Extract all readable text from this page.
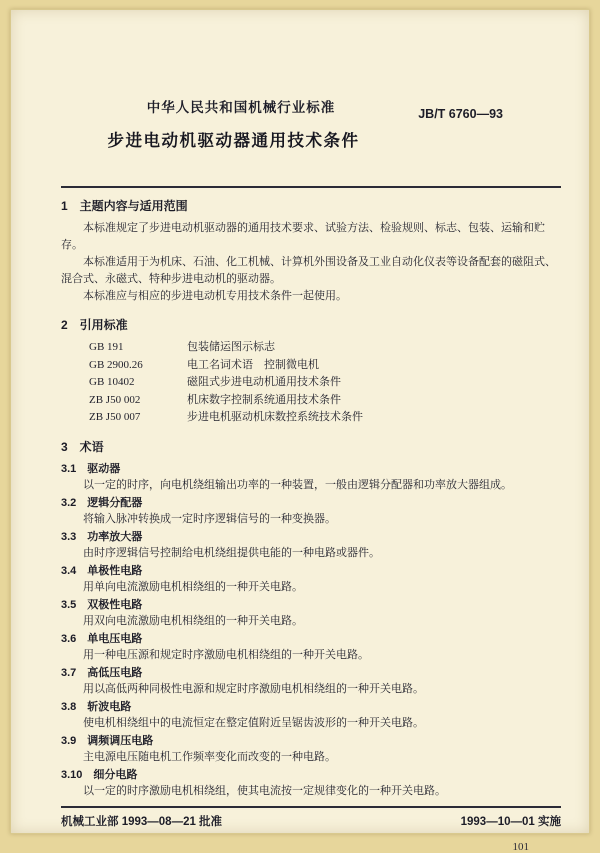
中华人民共和国机械行业标准	JB/T 6760—93
步进电动机驱动器通用技术条件
1　主题内容与适用范围

本标准规定了步进电动机驱动器的通用技术要求、试验方法、检验规则、标志、包装、运输和贮存。

本标准适用于为机床、石油、化工机械、计算机外围设备及工业自动化仪表等设备配套的磁阻式、混合式、永磁式、特种步进电动机的驱动器。

本标准应与相应的步进电动机专用技术条件一起使用。

2　引用标准
GB 191	包装储运图示标志
GB 2900.26	电工名词术语　控制微电机
GB 10402	磁阻式步进电动机通用技术条件
ZB J50 002	机床数字控制系统通用技术条件
ZB J50 007	步进电机驱动机床数控系统技术条件
3　术语
3.1　驱动器
以一定的时序，向电机绕组输出功率的一种装置，一般由逻辑分配器和功率放大器组成。
3.2　逻辑分配器
将输入脉冲转换成一定时序逻辑信号的一种变换器。
3.3　功率放大器
由时序逻辑信号控制给电机绕组提供电能的一种电路或器件。
3.4　单极性电路
用单向电流激励电机相绕组的一种开关电路。
3.5　双极性电路
用双向电流激励电机相绕组的一种开关电路。
3.6　单电压电路
用一种电压源和规定时序激励电机相绕组的一种开关电路。
3.7　高低压电路
用以高低两种同极性电源和规定时序激励电机相绕组的一种开关电路。
3.8　斩波电路
使电机相绕组中的电流恒定在整定值附近呈锯齿波形的一种开关电路。
3.9　调频调压电路
主电源电压随电机工作频率变化而改变的一种电路。
3.10　细分电路
以一定的时序激励电机相绕组，使其电流按一定规律变化的一种开关电路。
机械工业部 1993—08—21 批准	1993—10—01 实施
101
